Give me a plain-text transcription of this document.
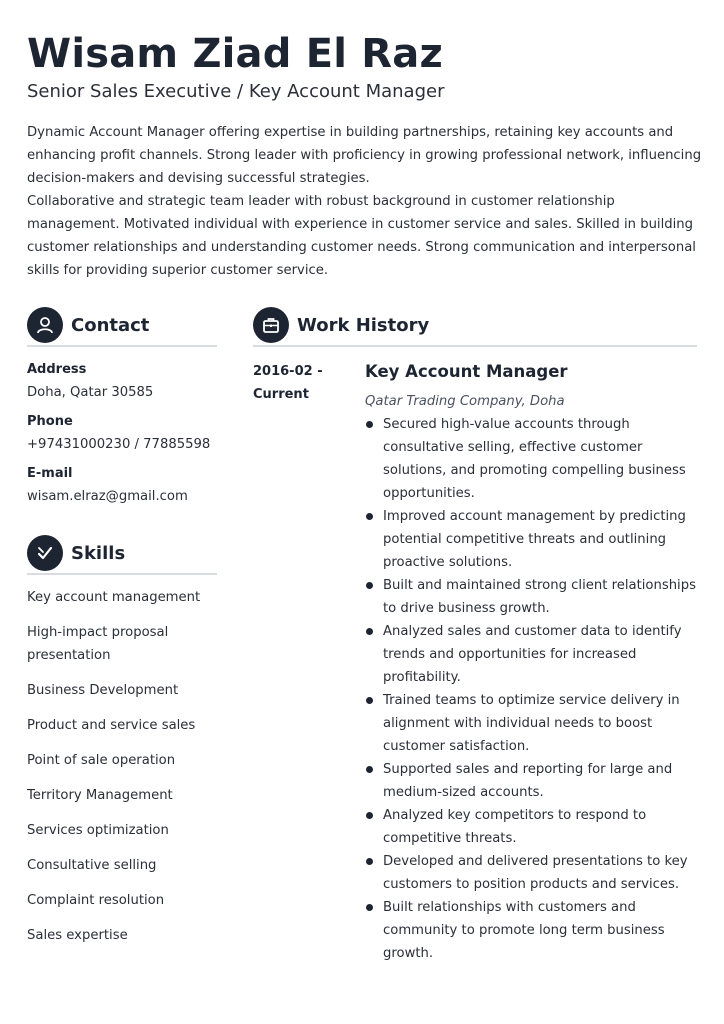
Wisam Ziad El Raz
Senior Sales Executive / Key Account Manager

Dynamic Account Manager offering expertise in building partnerships, retaining key accounts and enhancing profit channels. Strong leader with proficiency in growing professional network, influencing decision-makers and devising successful strategies.

Collaborative and strategic team leader with robust background in customer relationship management. Motivated individual with experience in customer service and sales. Skilled in building customer relationships and understanding customer needs. Strong communication and interpersonal skills for providing superior customer service.

Contact
Address
Doha, Qatar 30585
Phone
+97431000230 / 77885598
E-mail
wisam.elraz@gmail.com
Skills
Key account management
High-impact proposal presentation
Business Development
Product and service sales
Point of sale operation
Territory Management
Services optimization
Consultative selling
Complaint resolution
Sales expertise
Work History
2016-02 - Current
Key Account Manager
Qatar Trading Company, Doha
Secured high-value accounts through consultative selling, effective customer solutions, and promoting compelling business opportunities.
Improved account management by predicting potential competitive threats and outlining proactive solutions.
Built and maintained strong client relationships to drive business growth.
Analyzed sales and customer data to identify trends and opportunities for increased profitability.
Trained teams to optimize service delivery in alignment with individual needs to boost customer satisfaction.
Supported sales and reporting for large and medium-sized accounts.
Analyzed key competitors to respond to competitive threats.
Developed and delivered presentations to key customers to position products and services.
Built relationships with customers and community to promote long term business growth.
